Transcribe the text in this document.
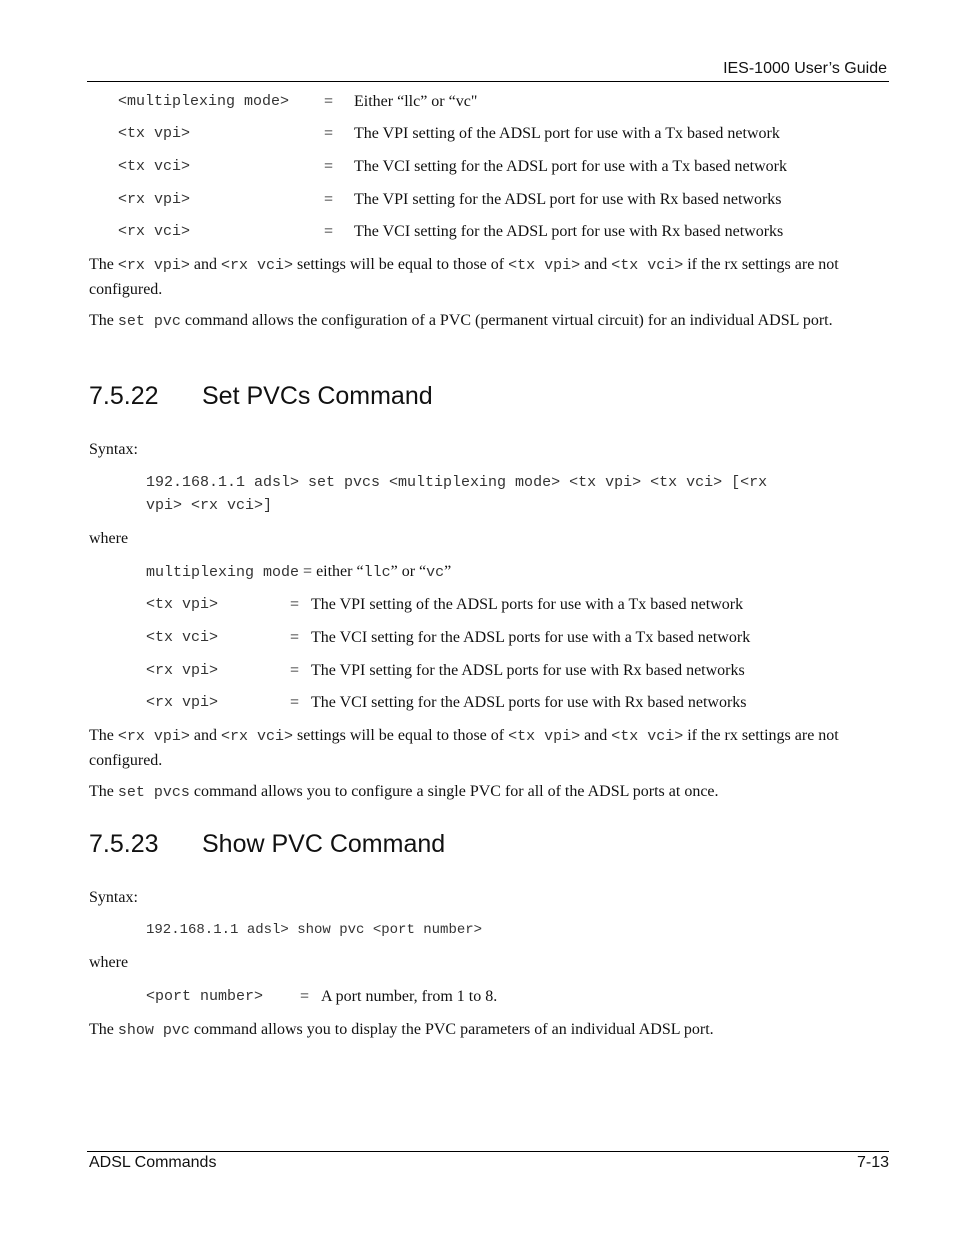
IES-1000 User’s Guide
<multiplexing mode> = Either “llc” or “vc"
<tx vpi>	= The VPI setting of the ADSL port for use with a Tx based network
<tx vci>	= The VCI setting for the ADSL port for use with a Tx based network
<rx vpi>	= The VPI setting for the ADSL port for use with Rx based networks
<rx vci>	= The VCI setting for the ADSL port for use with Rx based networks
The <rx vpi> and <rx vci> settings will be equal to those of <tx vpi> and <tx vci> if the rx settings are not configured.
The set pvc command allows the configuration of a PVC (permanent virtual circuit) for an individual ADSL port.
7.5.22 Set PVCs Command
Syntax:
192.168.1.1 adsl> set pvcs <multiplexing mode> <tx vpi> <tx vci> [<rx
vpi> <rx vci>]
where
multiplexing mode = either “llc” or “vc”
<tx vpi>	= The VPI setting of the ADSL ports for use with a Tx based network
<tx vci>	= The VCI setting for the ADSL ports for use with a Tx based network
<rx vpi>	= The VPI setting for the ADSL ports for use with Rx based networks
<rx vpi>	= The VCI setting for the ADSL ports for use with Rx based networks
The <rx vpi> and <rx vci> settings will be equal to those of <tx vpi> and <tx vci> if the rx settings are not configured.
The set pvcs command allows you to configure a single PVC for all of the ADSL ports at once.
7.5.23 Show PVC Command
Syntax:
192.168.1.1 adsl> show pvc <port number>
where
<port number> = A port number, from 1 to 8.
The show pvc command allows you to display the PVC parameters of an individual ADSL port.
ADSL Commands	7-13
